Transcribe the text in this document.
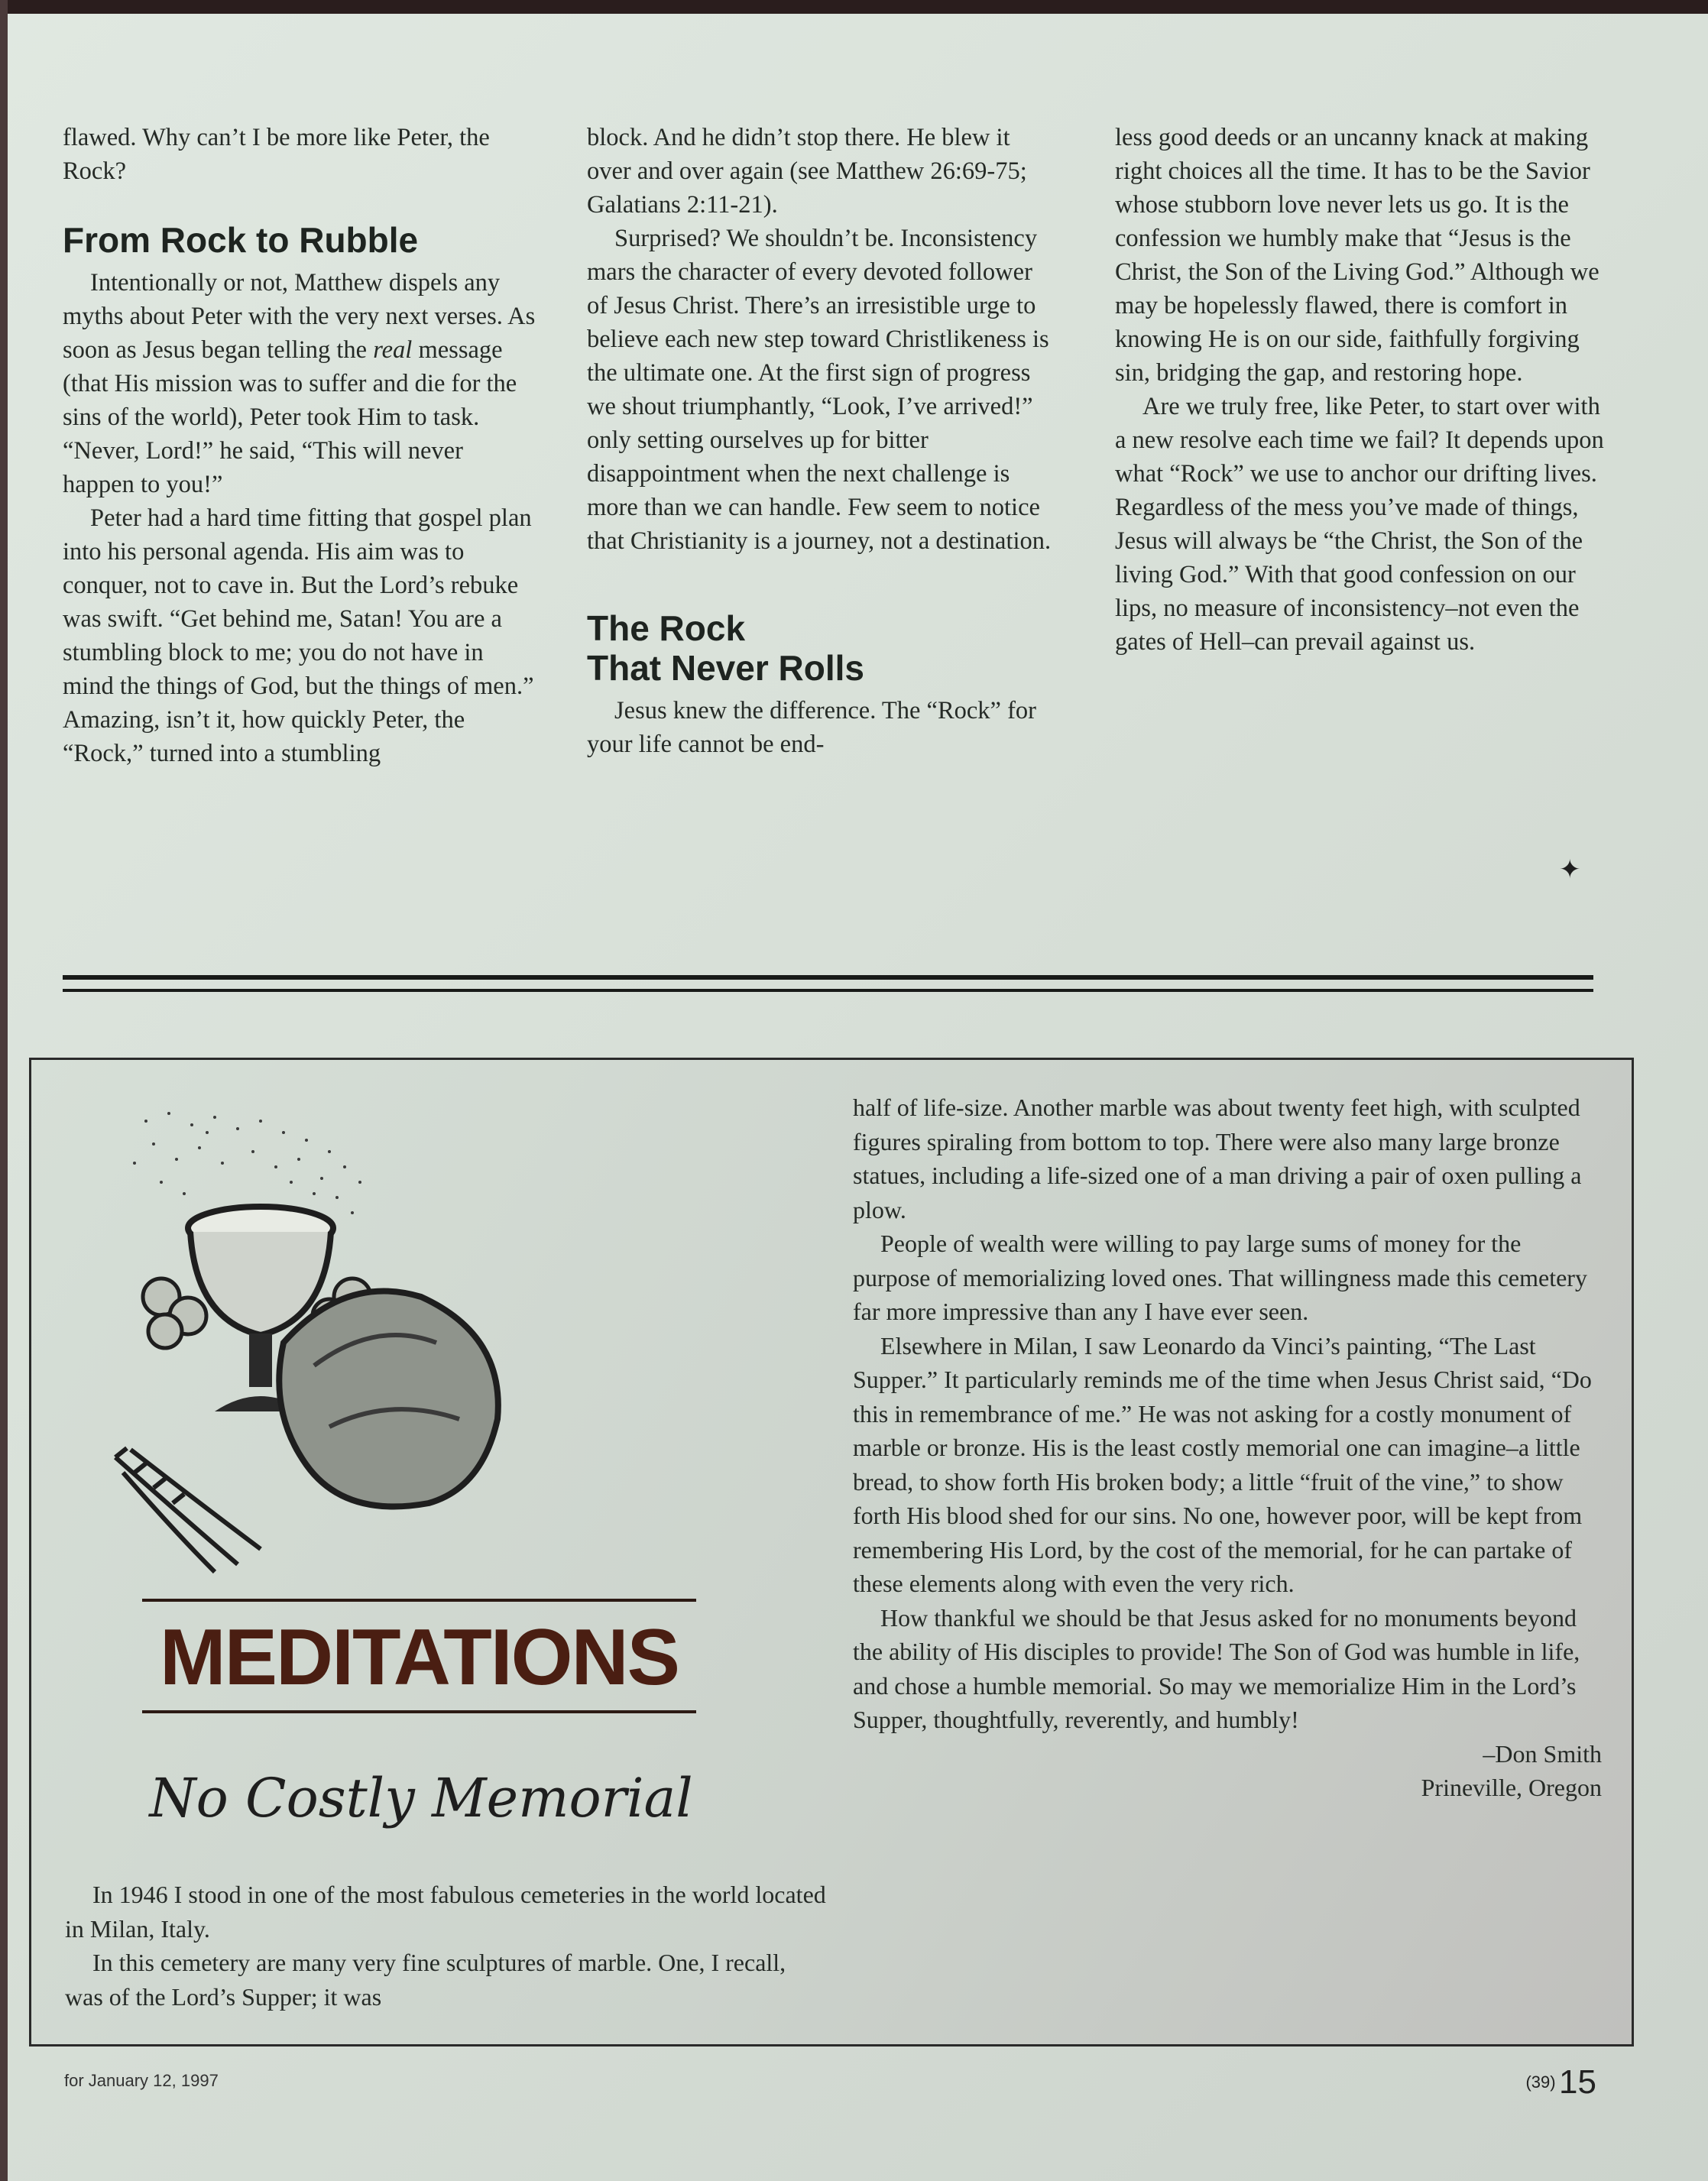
flawed. Why can’t I be more like Peter, the Rock?

From Rock to Rubble

Intentionally or not, Matthew dispels any myths about Peter with the very next verses. As soon as Jesus began telling the real message (that His mission was to suffer and die for the sins of the world), Peter took Him to task. “Never, Lord!” he said, “This will never happen to you!”

Peter had a hard time fitting that gospel plan into his personal agenda. His aim was to conquer, not to cave in. But the Lord’s rebuke was swift. “Get behind me, Satan! You are a stumbling block to me; you do not have in mind the things of God, but the things of men.” Amazing, isn’t it, how quickly Peter, the “Rock,” turned into a stumbling

block. And he didn’t stop there. He blew it over and over again (see Matthew 26:69-75; Galatians 2:11-21).

Surprised? We shouldn’t be. Inconsistency mars the character of every devoted follower of Jesus Christ. There’s an irresistible urge to believe each new step toward Christlikeness is the ultimate one. At the first sign of progress we shout triumphantly, “Look, I’ve arrived!” only setting ourselves up for bitter disappointment when the next challenge is more than we can handle. Few seem to notice that Christianity is a journey, not a destination.

The Rock
That Never Rolls

Jesus knew the difference. The “Rock” for your life cannot be end-

less good deeds or an uncanny knack at making right choices all the time. It has to be the Savior whose stubborn love never lets us go. It is the confession we humbly make that “Jesus is the Christ, the Son of the Living God.” Although we may be hopelessly flawed, there is comfort in knowing He is on our side, faithfully forgiving sin, bridging the gap, and restoring hope.

Are we truly free, like Peter, to start over with a new resolve each time we fail? It depends upon what “Rock” we use to anchor our drifting lives. Regardless of the mess you’ve made of things, Jesus will always be “the Christ, the Son of the living God.” With that good confession on our lips, no measure of inconsistency–not even the gates of Hell–can prevail against us.

✦
MEDITATIONS
No Costly Memorial

In 1946 I stood in one of the most fabulous cemeteries in the world located in Milan, Italy.

In this cemetery are many very fine sculptures of marble. One, I recall, was of the Lord’s Supper; it was

half of life-size. Another marble was about twenty feet high, with sculpted figures spiraling from bottom to top. There were also many large bronze statues, including a life-sized one of a man driving a pair of oxen pulling a plow.

People of wealth were willing to pay large sums of money for the purpose of memorializing loved ones. That willingness made this cemetery far more impressive than any I have ever seen.

Elsewhere in Milan, I saw Leonardo da Vinci’s painting, “The Last Supper.” It particularly reminds me of the time when Jesus Christ said, “Do this in remembrance of me.” He was not asking for a costly monument of marble or bronze. His is the least costly memorial one can imagine–a little bread, to show forth His broken body; a little “fruit of the vine,” to show forth His blood shed for our sins. No one, however poor, will be kept from remembering His Lord, by the cost of the memorial, for he can partake of these elements along with even the very rich.

How thankful we should be that Jesus asked for no monuments beyond the ability of His disciples to provide! The Son of God was humble in life, and chose a humble memorial. So may we memorialize Him in the Lord’s Supper, thoughtfully, reverently, and humbly!

–Don Smith
Prineville, Oregon
for January 12, 1997	(39) 15
